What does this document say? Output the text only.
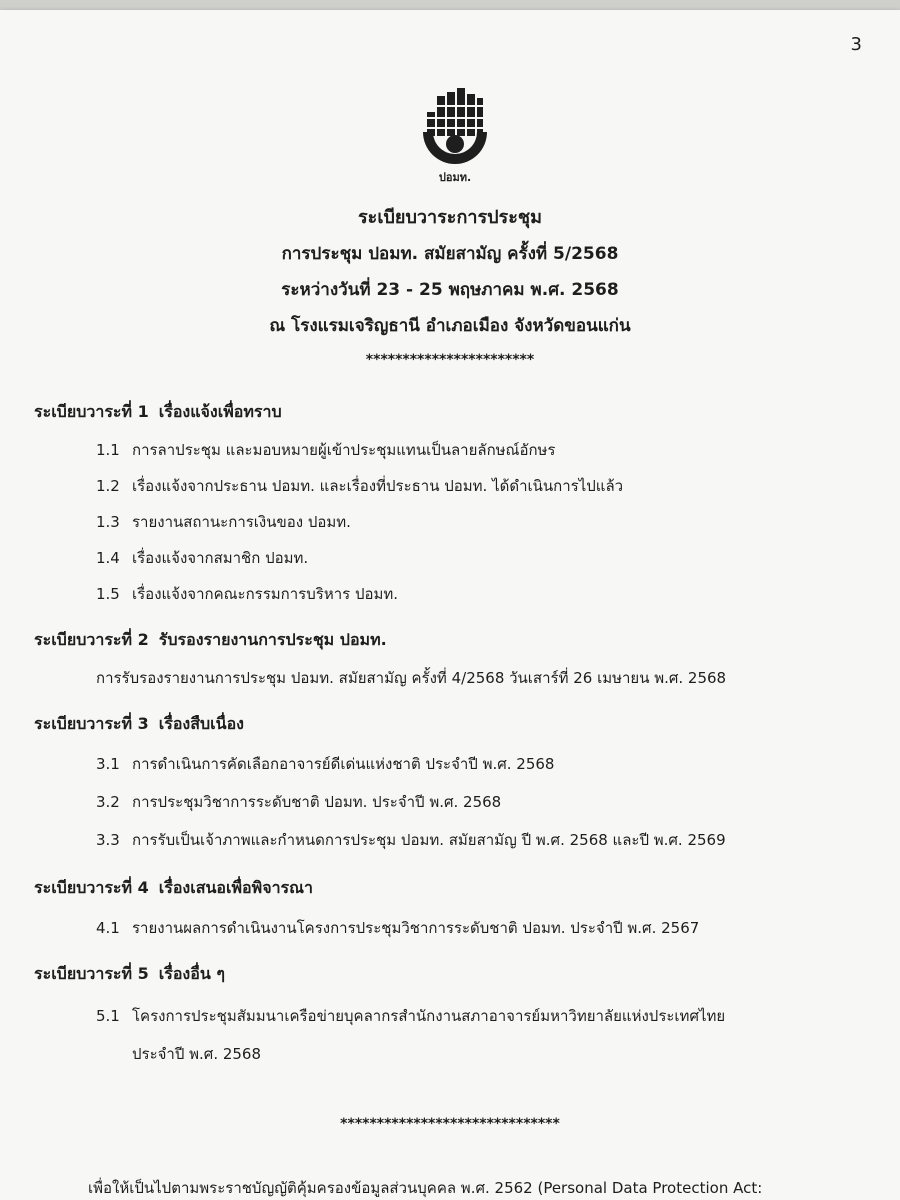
3
ปอมท.
ระเบียบวาระการประชุม
การประชุม ปอมท. สมัยสามัญ ครั้งที่ 5/2568
ระหว่างวันที่ 23 - 25 พฤษภาคม พ.ศ. 2568
ณ โรงแรมเจริญธานี อำเภอเมือง จังหวัดขอนแก่น
***********************
ระเบียบวาระที่ 1 เรื่องแจ้งเพื่อทราบ
1.1 การลาประชุม และมอบหมายผู้เข้าประชุมแทนเป็นลายลักษณ์อักษร
1.2 เรื่องแจ้งจากประธาน ปอมท. และเรื่องที่ประธาน ปอมท. ได้ดำเนินการไปแล้ว
1.3 รายงานสถานะการเงินของ ปอมท.
1.4 เรื่องแจ้งจากสมาชิก ปอมท.
1.5 เรื่องแจ้งจากคณะกรรมการบริหาร ปอมท.
ระเบียบวาระที่ 2 รับรองรายงานการประชุม ปอมท.
การรับรองรายงานการประชุม ปอมท. สมัยสามัญ ครั้งที่ 4/2568 วันเสาร์ที่ 26 เมษายน พ.ศ. 2568
ระเบียบวาระที่ 3 เรื่องสืบเนื่อง
3.1 การดำเนินการคัดเลือกอาจารย์ดีเด่นแห่งชาติ ประจำปี พ.ศ. 2568
3.2 การประชุมวิชาการระดับชาติ ปอมท. ประจำปี พ.ศ. 2568
3.3 การรับเป็นเจ้าภาพและกำหนดการประชุม ปอมท. สมัยสามัญ ปี พ.ศ. 2568 และปี พ.ศ. 2569
ระเบียบวาระที่ 4 เรื่องเสนอเพื่อพิจารณา
4.1 รายงานผลการดำเนินงานโครงการประชุมวิชาการระดับชาติ ปอมท. ประจำปี พ.ศ. 2567
ระเบียบวาระที่ 5 เรื่องอื่น ๆ
5.1 โครงการประชุมสัมมนาเครือข่ายบุคลากรสำนักงานสภาอาจารย์มหาวิทยาลัยแห่งประเทศไทย
ประจำปี พ.ศ. 2568
******************************
เพื่อให้เป็นไปตามพระราชบัญญัติคุ้มครองข้อมูลส่วนบุคคล พ.ศ. 2562 (Personal Data Protection Act:
